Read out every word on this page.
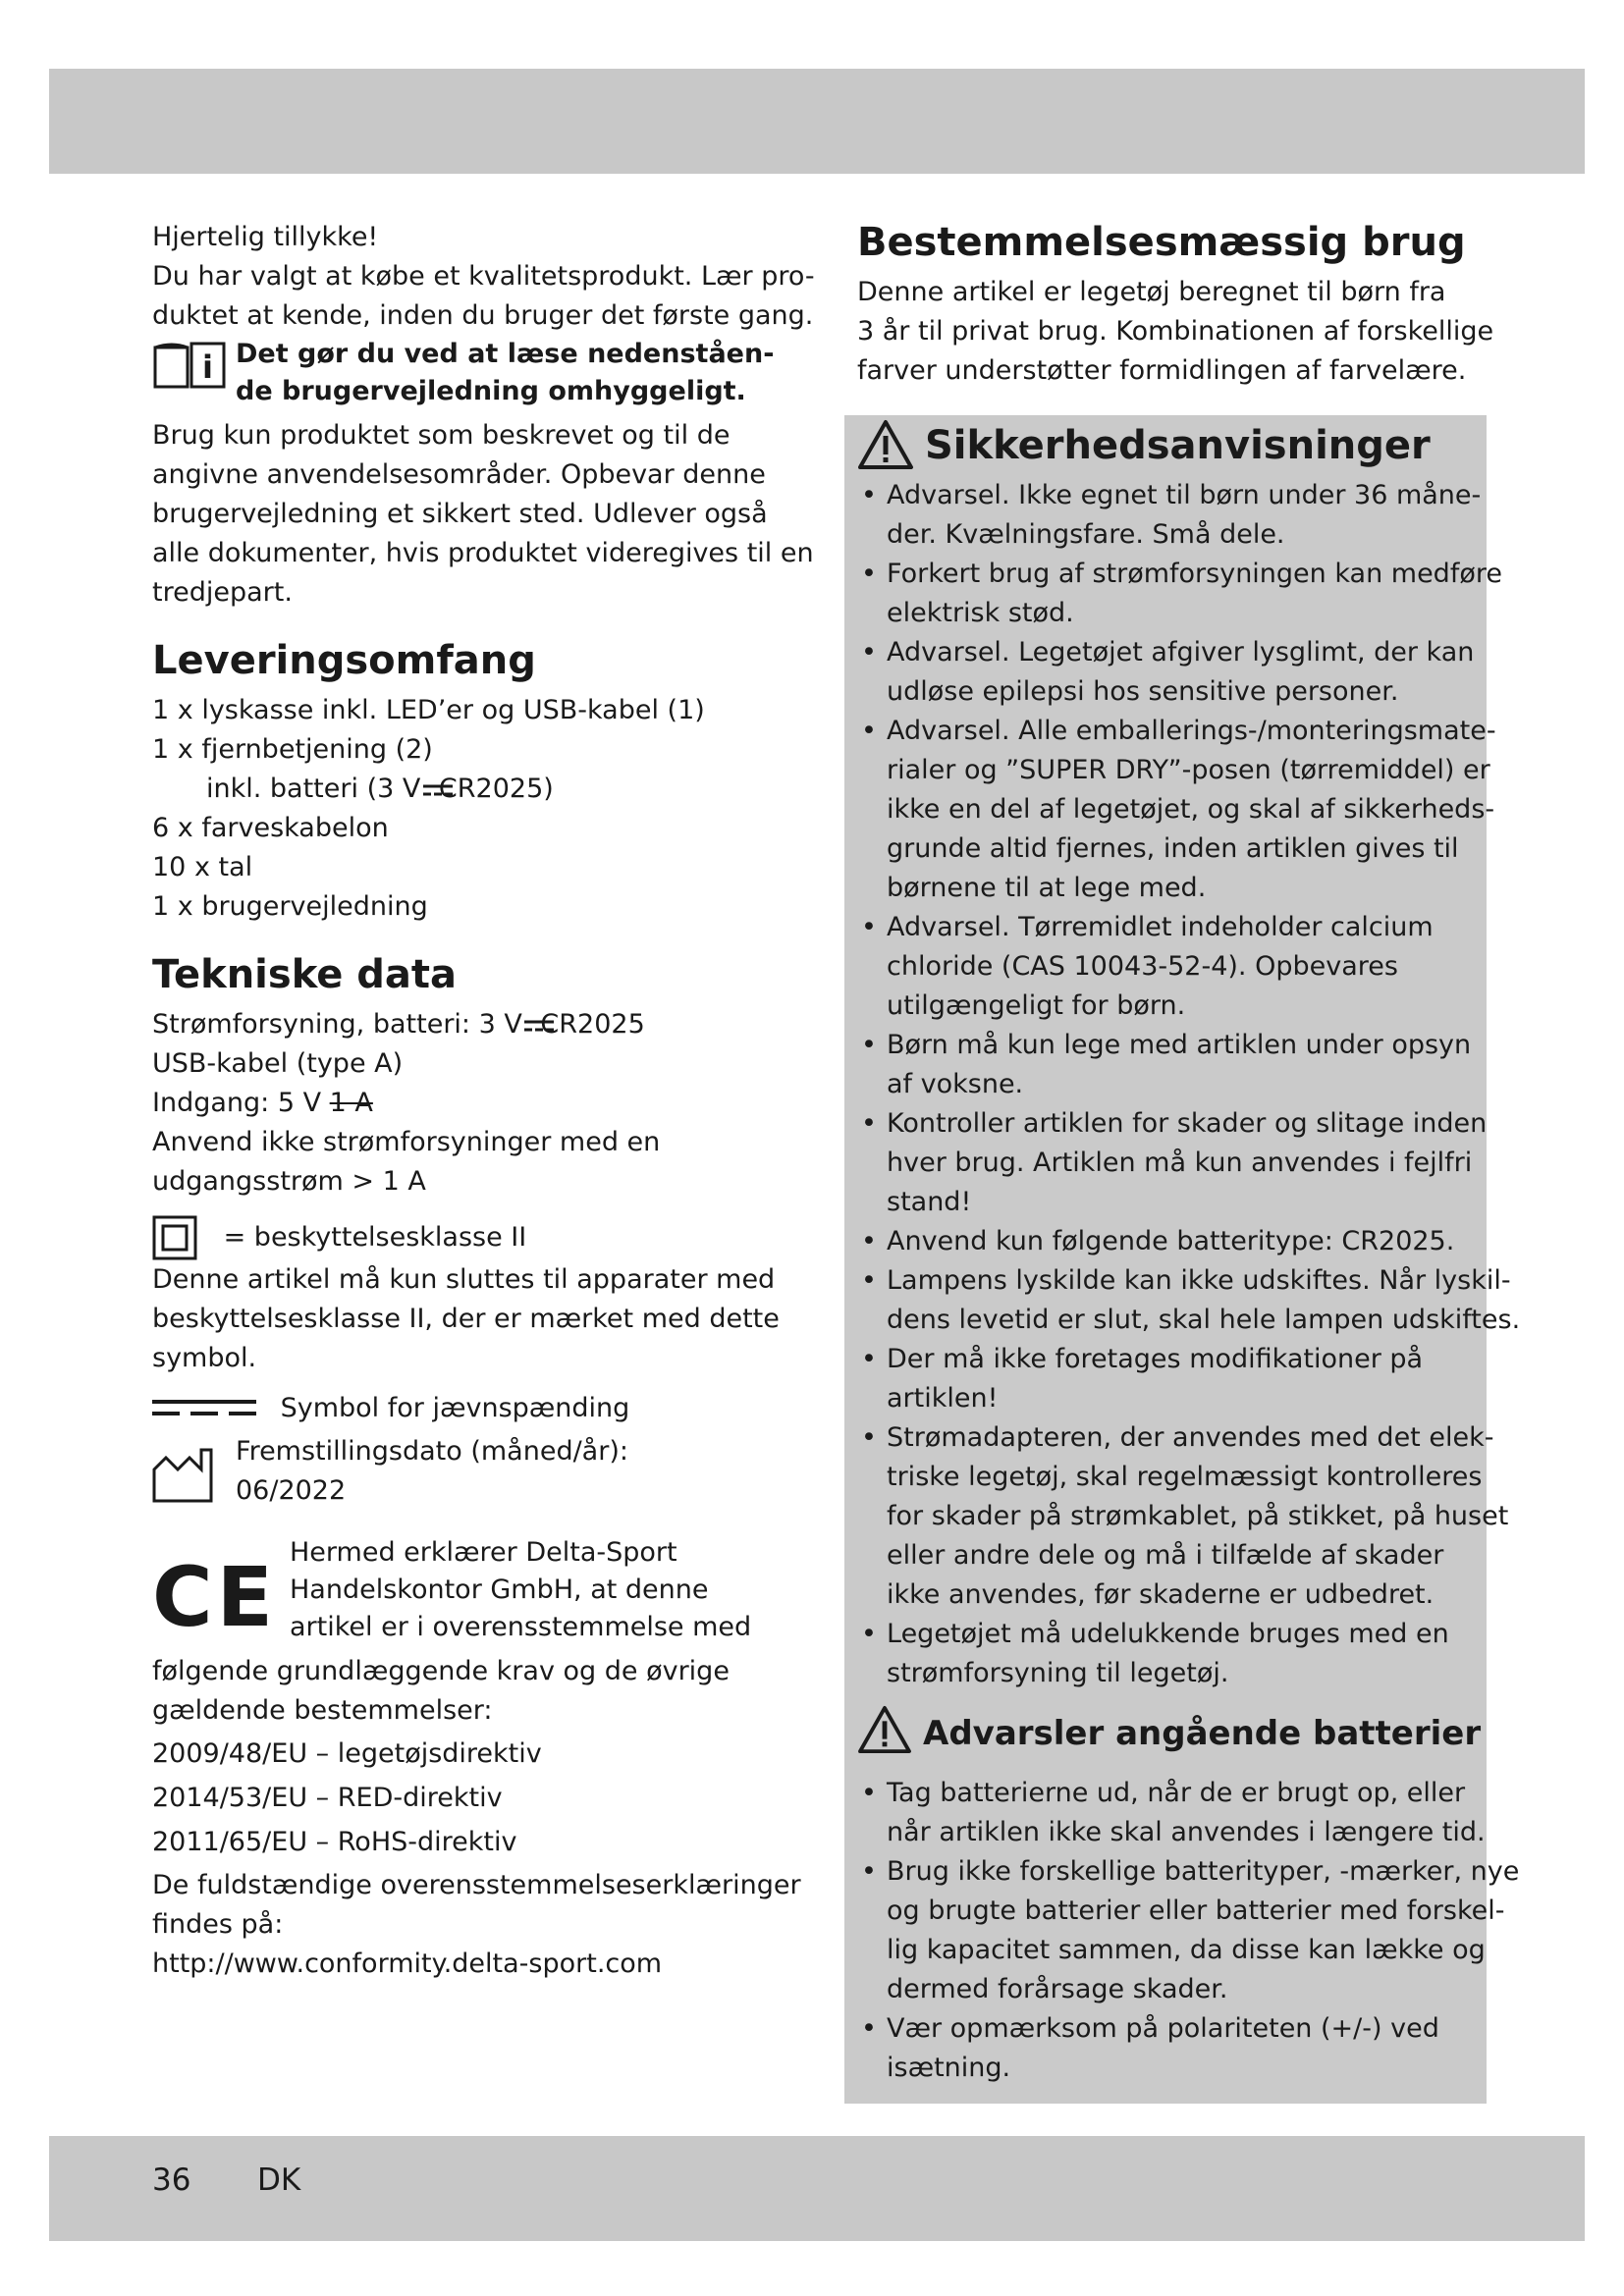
Hjertelig tillykke!

Du har valgt at købe et kvalitetsprodukt. Lær pro-

duktet at kende, inden du bruger det første gang.

i Det gør du ved at læse nedenståen-
de brugervejledning omhyggeligt.

Brug kun produktet som beskrevet og til de

angivne anvendelsesområder. Opbevar denne

brugervejledning et sikkert sted. Udlever også

alle dokumenter, hvis produktet videregives til en

tredjepart.

Leveringsomfang

1 x lyskasse inkl. LED’er og USB-kabel (1)

1 x fjernbetjening (2)

inkl. batteri (3 V CR2025)

6 x farveskabelon

10 x tal

1 x brugervejledning

Tekniske data

Strømforsyning, batteri: 3 V CR2025

USB-kabel (type A)

Indgang: 5 V 1 A

Anvend ikke strømforsyninger med en

udgangsstrøm > 1 A

= beskyttelsesklasse II

Denne artikel må kun sluttes til apparater med

beskyttelsesklasse II, der er mærket med dette

symbol.

Symbol for jævnspænding

Fremstillingsdato (måned/år):

06/2022

CE Hermed erklærer Delta-Sport

Handelskontor GmbH, at denne

artikel er i overensstemmelse med

følgende grundlæggende krav og de øvrige

gældende bestemmelser:

2009/48/EU – legetøjsdirektiv

2014/53/EU – RED-direktiv

2011/65/EU – RoHS-direktiv

De fuldstændige overensstemmelseserklæringer

findes på:

http://www.conformity.delta-sport.com

Bestemmelsesmæssig brug

Denne artikel er legetøj beregnet til børn fra

3 år til privat brug. Kombinationen af forskellige

farver understøtter formidlingen af farvelære.

Sikkerhedsanvisninger
• Advarsel. Ikke egnet til børn under 36 måne-
der. Kvælningsfare. Små dele.
• Forkert brug af strømforsyningen kan medføre
elektrisk stød.
• Advarsel. Legetøjet afgiver lysglimt, der kan
udløse epilepsi hos sensitive personer.
• Advarsel. Alle emballerings-/monteringsmate-
rialer og ”SUPER DRY”-posen (tørremiddel) er
ikke en del af legetøjet, og skal af sikkerheds-
grunde altid fjernes, inden artiklen gives til
børnene til at lege med.
• Advarsel. Tørremidlet indeholder calcium
chloride (CAS 10043-52-4). Opbevares
utilgængeligt for børn.
• Børn må kun lege med artiklen under opsyn
af voksne.
• Kontroller artiklen for skader og slitage inden
hver brug. Artiklen må kun anvendes i fejlfri
stand!
• Anvend kun følgende batteritype: CR2025.
• Lampens lyskilde kan ikke udskiftes. Når lyskil-
dens levetid er slut, skal hele lampen udskiftes.
• Der må ikke foretages modifikationer på
artiklen!
• Strømadapteren, der anvendes med det elek-
triske legetøj, skal regelmæssigt kontrolleres
for skader på strømkablet, på stikket, på huset
eller andre dele og må i tilfælde af skader
ikke anvendes, før skaderne er udbedret.
• Legetøjet må udelukkende bruges med en
strømforsyning til legetøj.
Advarsler angående batterier
• Tag batterierne ud, når de er brugt op, eller
når artiklen ikke skal anvendes i længere tid.
• Brug ikke forskellige batterityper, -mærker, nye
og brugte batterier eller batterier med forskel-
lig kapacitet sammen, da disse kan lække og
dermed forårsage skader.
• Vær opmærksom på polariteten (+/-) ved
isætning.
36 DK
